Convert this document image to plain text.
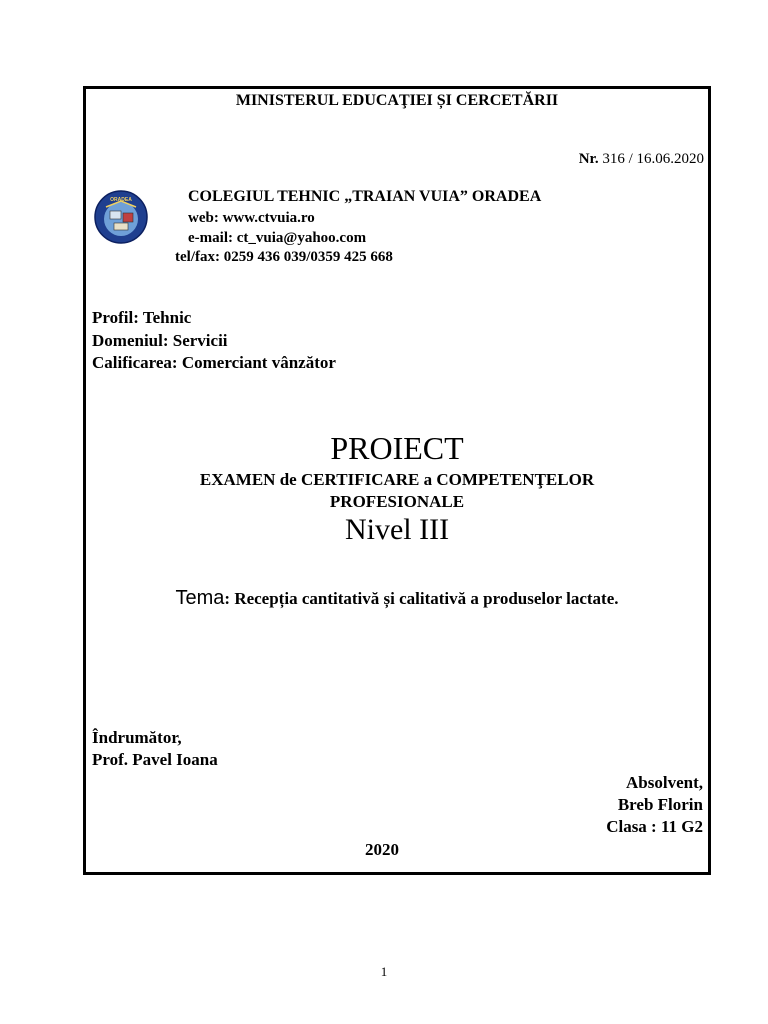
MINISTERUL EDUCAŢIEI ȘI CERCETĂRII
Nr. 316 / 16.06.2020
ORADEA	COLEGIUL TEHNIC „TRAIAN VUIA” ORADEA
web: www.ctvuia.ro
e-mail: ct_vuia@yahoo.com
tel/fax: 0259 436 039/0359 425 668
Profil: Tehnic
Domeniul: Servicii
Calificarea: Comerciant vânzător
PROIECT
EXAMEN de CERTIFICARE a COMPETENŢELOR
PROFESIONALE
Nivel III
Tema: Recepția cantitativă și calitativă a produselor lactate.
Îndrumător,
Prof. Pavel Ioana
Absolvent,
Breb Florin
Clasa : 11 G2
2020
1
